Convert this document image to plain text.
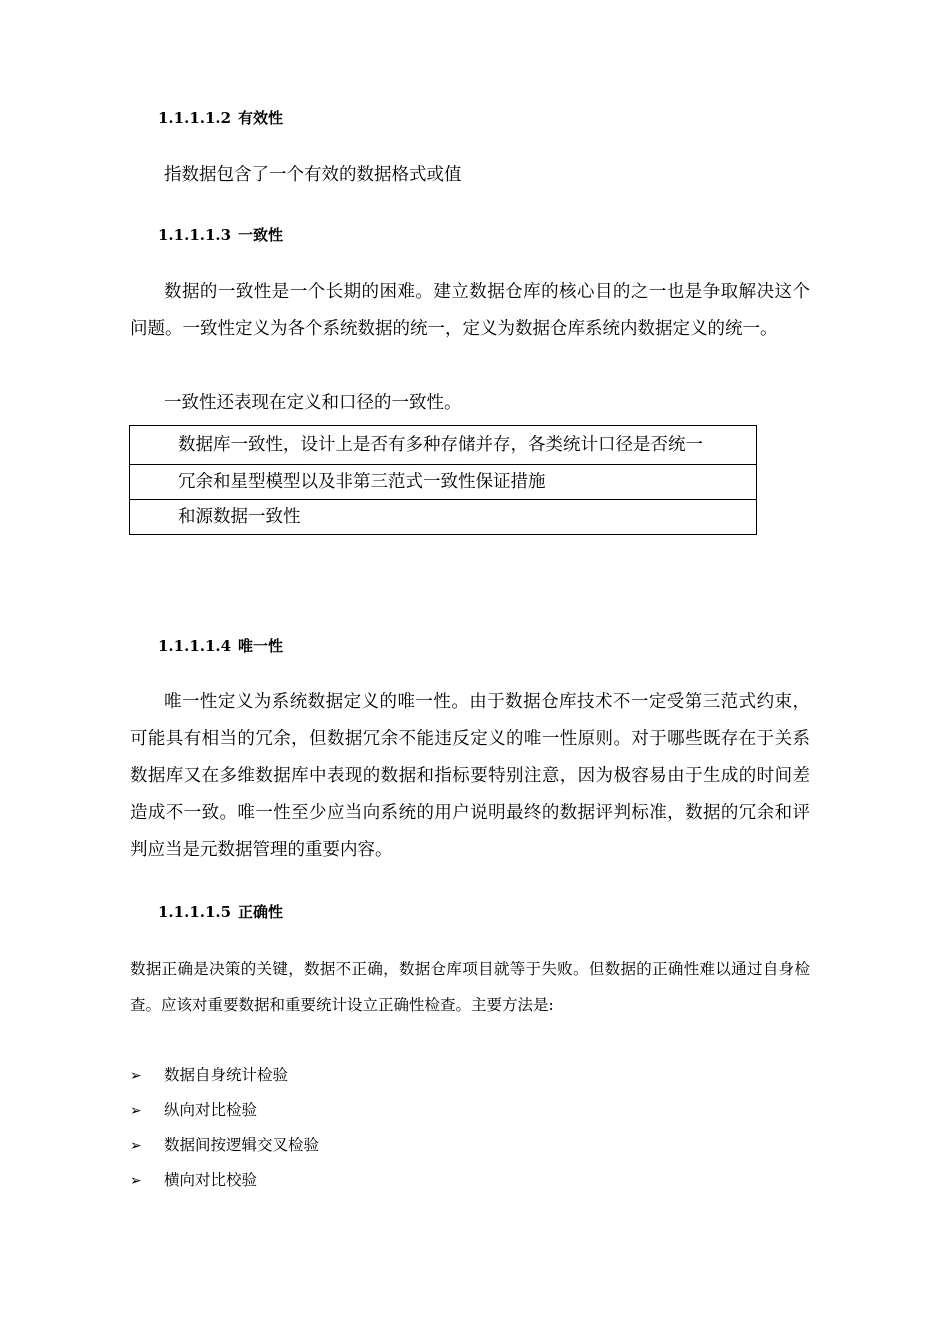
1.1.1.1.2 有效性

指数据包含了一个有效的数据格式或值

1.1.1.1.3 一致性

数据的一致性是一个长期的困难。建立数据仓库的核心目的之一也是争取解决这个问题。一致性定义为各个系统数据的统一，定义为数据仓库系统内数据定义的统一。

一致性还表现在定义和口径的一致性。

数据库一致性，设计上是否有多种存储并存，各类统计口径是否统一
冗余和星型模型以及非第三范式一致性保证措施
和源数据一致性
1.1.1.1.4 唯一性

唯一性定义为系统数据定义的唯一性。由于数据仓库技术不一定受第三范式约束，可能具有相当的冗余，但数据冗余不能违反定义的唯一性原则。对于哪些既存在于关系数据库又在多维数据库中表现的数据和指标要特别注意，因为极容易由于生成的时间差造成不一致。唯一性至少应当向系统的用户说明最终的数据评判标准，数据的冗余和评判应当是元数据管理的重要内容。

1.1.1.1.5 正确性

数据正确是决策的关键，数据不正确，数据仓库项目就等于失败。但数据的正确性难以通过自身检查。应该对重要数据和重要统计设立正确性检查。主要方法是:

➢ 数据自身统计检验
➢ 纵向对比检验
➢ 数据间按逻辑交叉检验
➢ 横向对比校验
